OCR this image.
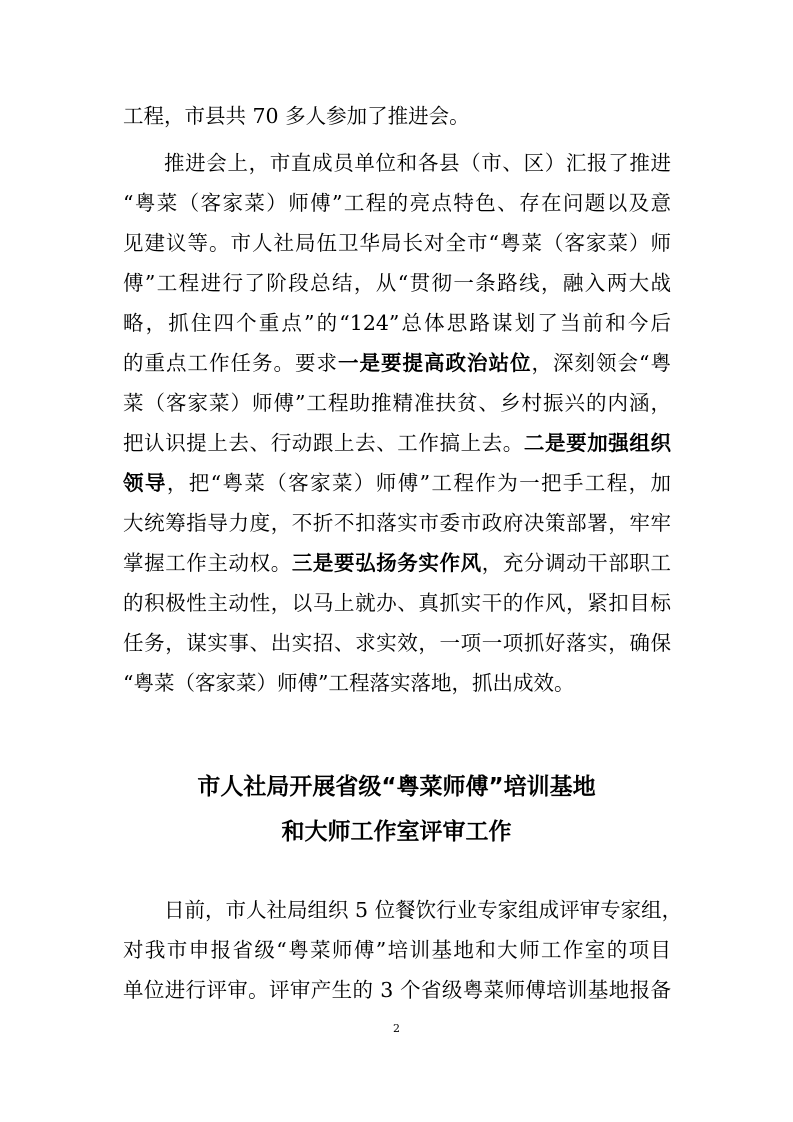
工程，市县共 70 多人参加了推进会。
推进会上，市直成员单位和各县（市、区）汇报了推进
“粤菜（客家菜）师傅”工程的亮点特色、存在问题以及意
见建议等。市人社局伍卫华局长对全市“粤菜（客家菜）师
傅”工程进行了阶段总结，从“贯彻一条路线，融入两大战
略，抓住四个重点”的“124”总体思路谋划了当前和今后
的重点工作任务。要求一是要提高政治站位，深刻领会“粤
菜（客家菜）师傅”工程助推精准扶贫、乡村振兴的内涵，
把认识提上去、行动跟上去、工作搞上去。二是要加强组织
领导，把“粤菜（客家菜）师傅”工程作为一把手工程，加
大统筹指导力度，不折不扣落实市委市政府决策部署，牢牢
掌握工作主动权。三是要弘扬务实作风，充分调动干部职工
的积极性主动性，以马上就办、真抓实干的作风，紧扣目标
任务，谋实事、出实招、求实效，一项一项抓好落实，确保
“粤菜（客家菜）师傅”工程落实落地，抓出成效。
市人社局开展省级“粤菜师傅”培训基地
和大师工作室评审工作
日前，市人社局组织 5 位餐饮行业专家组成评审专家组，
对我市申报省级“粤菜师傅”培训基地和大师工作室的项目
单位进行评审。评审产生的 3 个省级粤菜师傅培训基地报备
2
